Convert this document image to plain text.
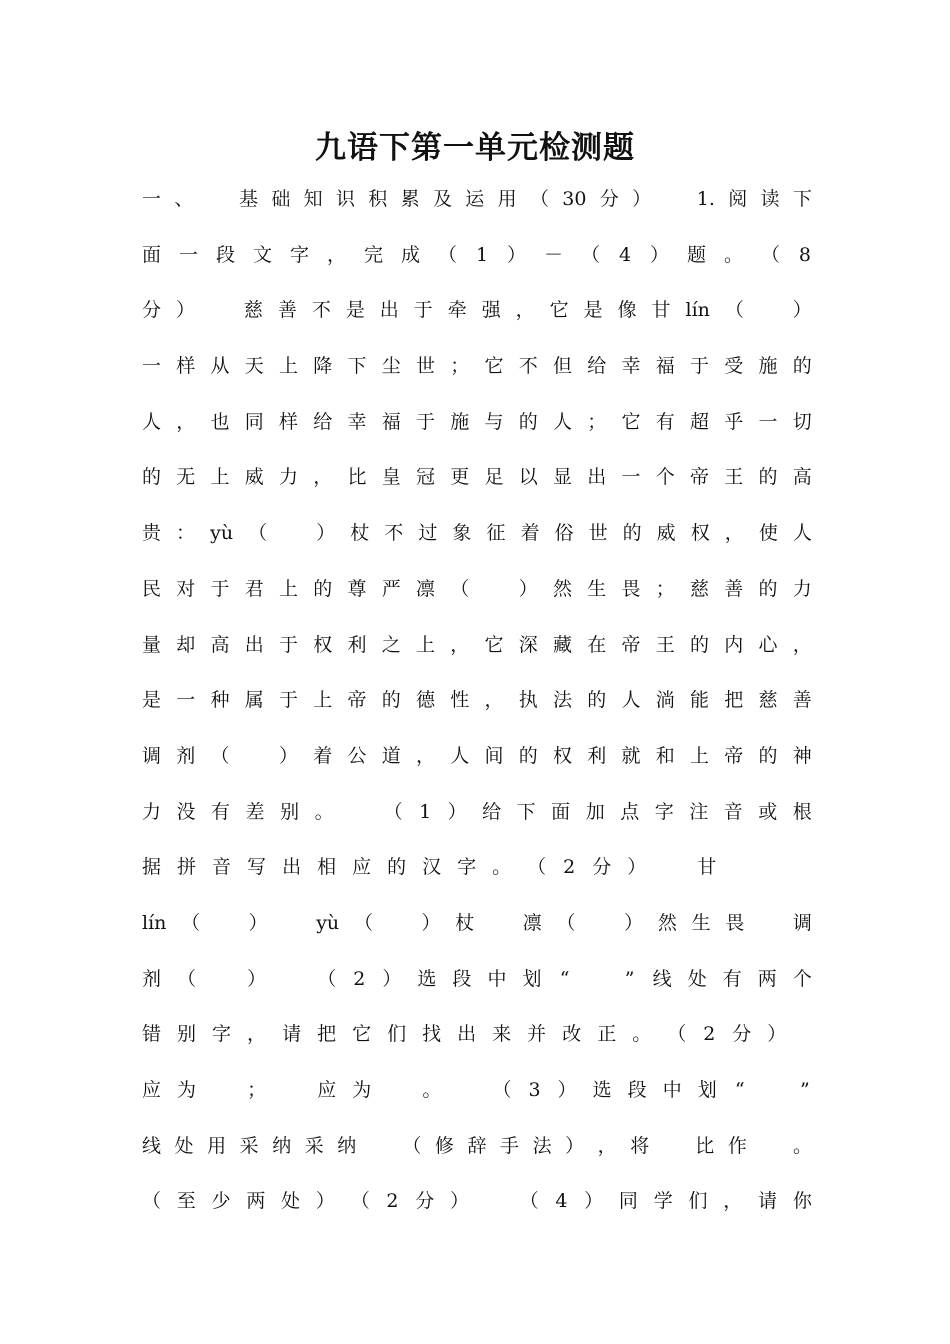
九语下第一单元检测题
一 、
　 基 础 知 识 积 累 及 运 用 （ 30 分 ）
　 1. 阅 读 下
面 一 段 文 字 ， 完 成 （ 1 ） － （ 4 ） 题 。 （ 8
分 ）
　	慈 善 不 是 出 于 牵 强 ， 它 是 像 甘 lín （
　	）
一 样 从 天 上 降 下 尘 世 ； 它 不 但 给 幸 福 于 受 施 的
人 ， 也 同 样 给 幸 福 于 施 与 的 人 ； 它 有 超 乎 一 切
的 无 上 威 力 ， 比 皇 冠 更 足 以 显 出 一 个 帝 王 的 高
贵 ： yù （
　	） 杖 不 过 象 征 着 俗 世 的 威 权 ， 使 人
民 对 于 君 上 的 尊 严 凛 （
　	） 然 生 畏 ； 慈 善 的 力
量 却 高 出 于 权 利 之 上 ， 它 深 藏 在 帝 王 的 内 心 ，
是 一 种 属 于 上 帝 的 德 性 ， 执 法 的 人 淌 能 把 慈 善
调 剂 （
　	） 着 公 道 ， 人 间 的 权 利 就 和 上 帝 的 神
力 没 有 差 别 。
　	（ 1 ） 给 下 面 加 点 字 注 音 或 根
据 拼 音 写 出 相 应 的 汉 字 。 （ 2 分 ）
　	甘
lín （
　	）
　	yù （
　	） 杖
　	凛 （
　	） 然 生 畏
　	调
剂 （
　	）
　	（ 2 ） 选 段 中 划 “
　	” 线 处 有 两 个
错 别 字 ， 请 把 它 们 找 出 来 并 改 正 。 （ 2 分 ）
应 为
　	；
　	应 为
　	。
　	（ 3 ） 选 段 中 划 “
　	”
线 处 用 采 纳 采 纳
　 （ 修 辞 手 法 ） ， 将
　 比 作
　 。
（ 至 少 两 处 ） （ 2 分 ）
　	（ 4 ） 同 学 们 ， 请 你
